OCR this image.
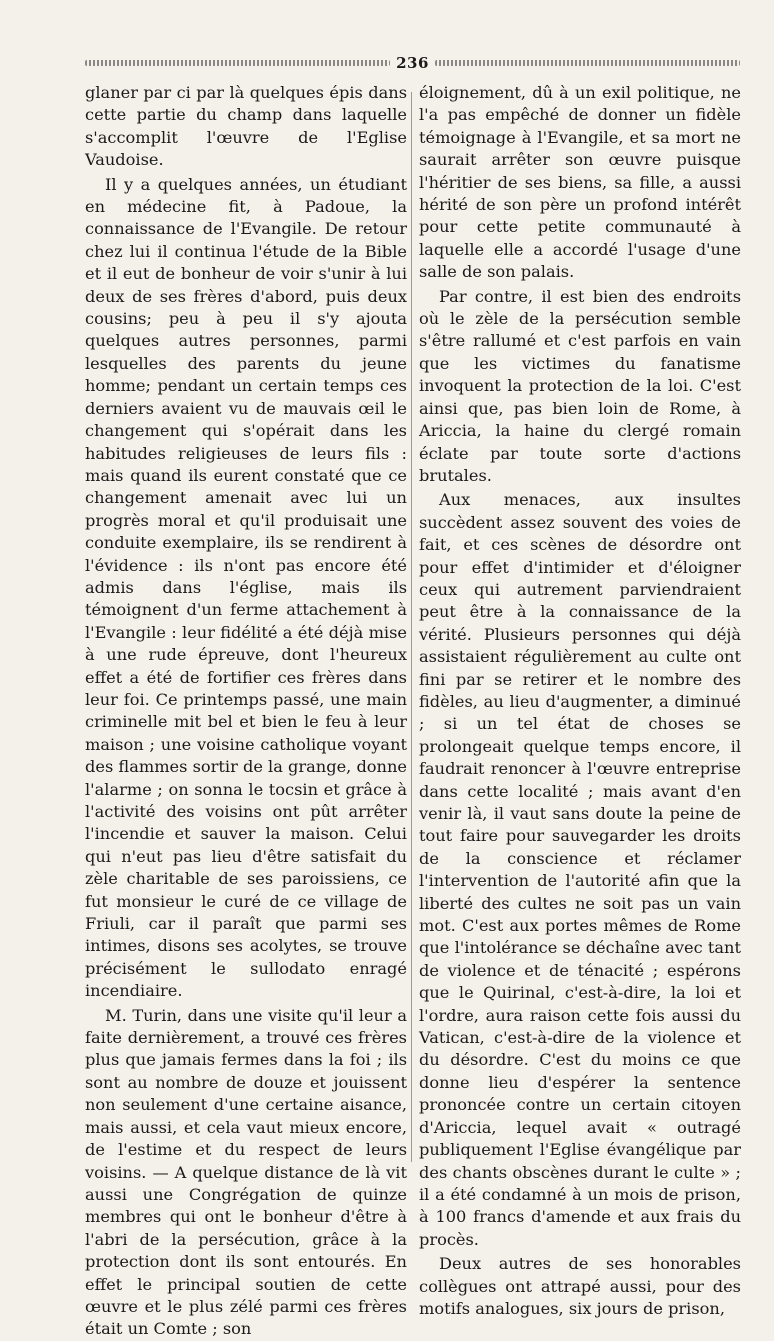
236

glaner par ci par là quelques épis dans cette partie du champ dans laquelle s'accomplit l'œuvre de l'Eglise Vaudoise.

Il y a quelques années, un étudiant en médecine fit, à Padoue, la connaissance de l'Evangile. De retour chez lui il continua l'étude de la Bible et il eut de bonheur de voir s'unir à lui deux de ses frères d'abord, puis deux cousins; peu à peu il s'y ajouta quelques autres personnes, parmi lesquelles des parents du jeune homme; pendant un certain temps ces derniers avaient vu de mauvais œil le changement qui s'opérait dans les habitudes religieuses de leurs fils : mais quand ils eurent constaté que ce changement amenait avec lui un progrès moral et qu'il produisait une conduite exemplaire, ils se rendirent à l'évidence : ils n'ont pas encore été admis dans l'église, mais ils témoignent d'un ferme attachement à l'Evangile : leur fidélité a été déjà mise à une rude épreuve, dont l'heureux effet a été de fortifier ces frères dans leur foi. Ce printemps passé, une main criminelle mit bel et bien le feu à leur maison ; une voisine catholique voyant des flammes sortir de la grange, donne l'alarme ; on sonna le tocsin et grâce à l'activité des voisins ont pût arrêter l'incendie et sauver la maison. Celui qui n'eut pas lieu d'être satisfait du zèle charitable de ses paroissiens, ce fut monsieur le curé de ce village de Friuli, car il paraît que parmi ses intimes, disons ses acolytes, se trouve précisément le sullodato enragé incendiaire.

M. Turin, dans une visite qu'il leur a faite dernièrement, a trouvé ces frères plus que jamais fermes dans la foi ; ils sont au nombre de douze et jouissent non seulement d'une certaine aisance, mais aussi, et cela vaut mieux encore, de l'estime et du respect de leurs voisins. — A quelque distance de là vit aussi une Congrégation de quinze membres qui ont le bonheur d'être à l'abri de la persécution, grâce à la protection dont ils sont entourés. En effet le principal soutien de cette œuvre et le plus zélé parmi ces frères était un Comte ; son

éloignement, dû à un exil politique, ne l'a pas empêché de donner un fidèle témoignage à l'Evangile, et sa mort ne saurait arrêter son œuvre puisque l'héritier de ses biens, sa fille, a aussi hérité de son père un profond intérêt pour cette petite communauté à laquelle elle a accordé l'usage d'une salle de son palais.

Par contre, il est bien des endroits où le zèle de la persécution semble s'être rallumé et c'est parfois en vain que les victimes du fanatisme invoquent la protection de la loi. C'est ainsi que, pas bien loin de Rome, à Ariccia, la haine du clergé romain éclate par toute sorte d'actions brutales.

Aux menaces, aux insultes succèdent assez souvent des voies de fait, et ces scènes de désordre ont pour effet d'intimider et d'éloigner ceux qui autrement parviendraient peut être à la connaissance de la vérité. Plusieurs personnes qui déjà assistaient régulièrement au culte ont fini par se retirer et le nombre des fidèles, au lieu d'augmenter, a diminué ; si un tel état de choses se prolongeait quelque temps encore, il faudrait renoncer à l'œuvre entreprise dans cette localité ; mais avant d'en venir là, il vaut sans doute la peine de tout faire pour sauvegarder les droits de la conscience et réclamer l'intervention de l'autorité afin que la liberté des cultes ne soit pas un vain mot. C'est aux portes mêmes de Rome que l'intolérance se déchaîne avec tant de violence et de ténacité ; espérons que le Quirinal, c'est-à-dire, la loi et l'ordre, aura raison cette fois aussi du Vatican, c'est-à-dire de la violence et du désordre. C'est du moins ce que donne lieu d'espérer la sentence prononcée contre un certain citoyen d'Ariccia, lequel avait « outragé publiquement l'Eglise évangélique par des chants obscènes durant le culte » ; il a été condamné à un mois de prison, à 100 francs d'amende et aux frais du procès.

Deux autres de ses honorables collègues ont attrapé aussi, pour des motifs analogues, six jours de prison,
